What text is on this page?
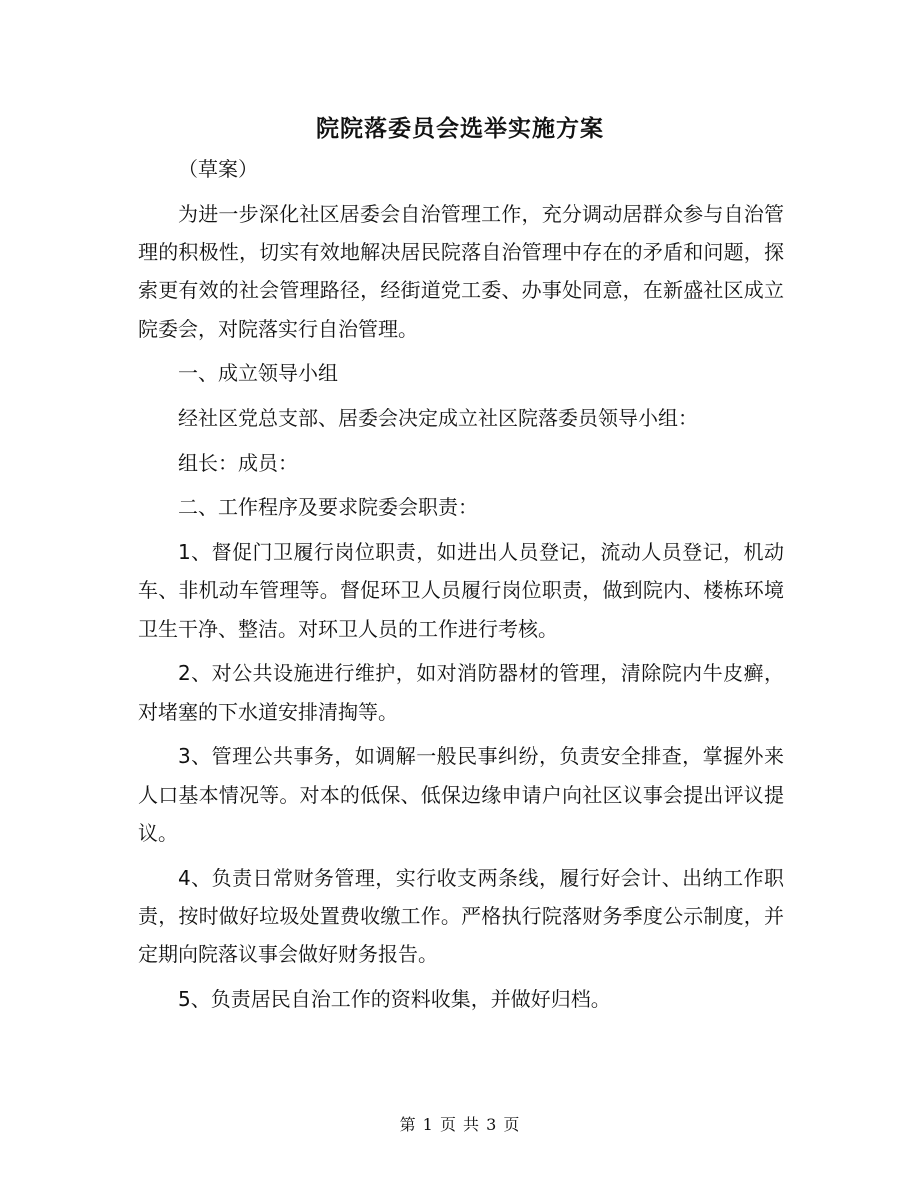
院院落委员会选举实施方案

（草案）

为进一步深化社区居委会自治管理工作，充分调动居群众参与自治管理的积极性，切实有效地解决居民院落自治管理中存在的矛盾和问题，探索更有效的社会管理路径，经街道党工委、办事处同意，在新盛社区成立院委会，对院落实行自治管理。

一、成立领导小组

经社区党总支部、居委会决定成立社区院落委员领导小组：

组长：成员：

二、工作程序及要求院委会职责：

1、督促门卫履行岗位职责，如进出人员登记，流动人员登记，机动车、非机动车管理等。督促环卫人员履行岗位职责，做到院内、楼栋环境卫生干净、整洁。对环卫人员的工作进行考核。

2、对公共设施进行维护，如对消防器材的管理，清除院内牛皮癣，对堵塞的下水道安排清掏等。

3、管理公共事务，如调解一般民事纠纷，负责安全排查，掌握外来人口基本情况等。对本的低保、低保边缘申请户向社区议事会提出评议提议。

4、负责日常财务管理，实行收支两条线，履行好会计、出纳工作职责，按时做好垃圾处置费收缴工作。严格执行院落财务季度公示制度，并定期向院落议事会做好财务报告。

5、负责居民自治工作的资料收集，并做好归档。

第 1 页 共 3 页
